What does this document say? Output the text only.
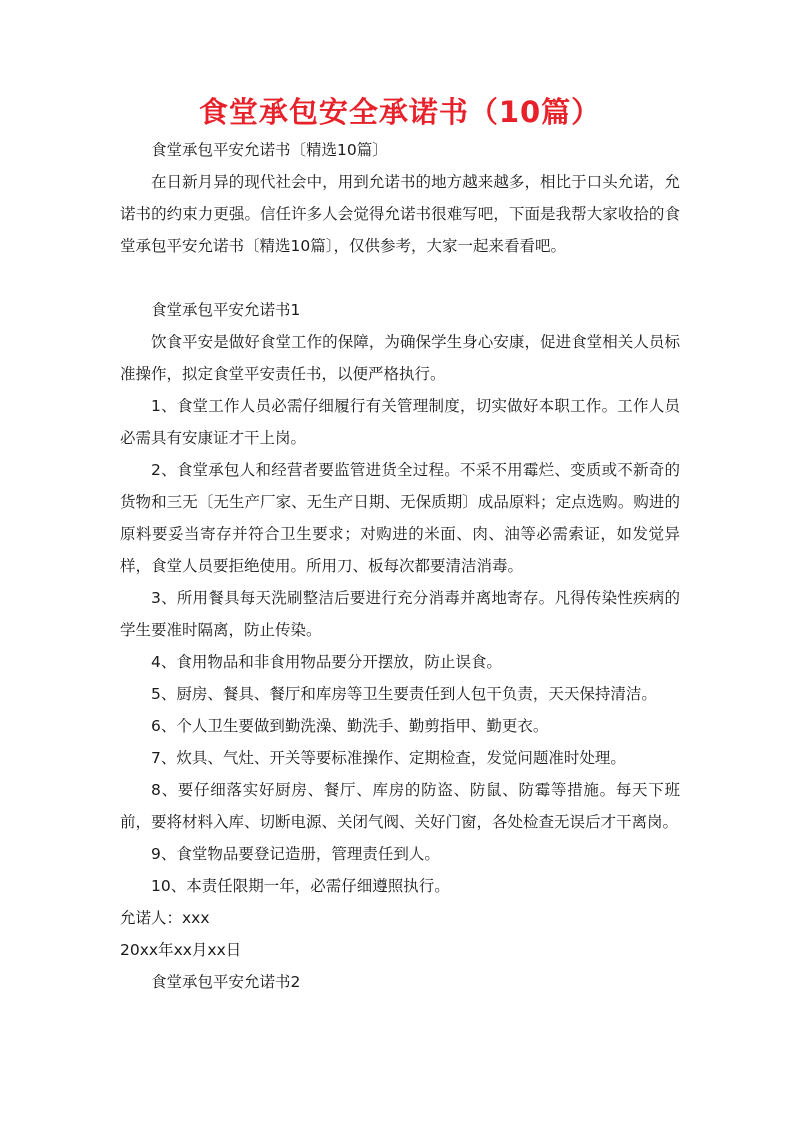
食堂承包安全承诺书（10篇）

食堂承包平安允诺书〔精选10篇〕

在日新月异的现代社会中，用到允诺书的地方越来越多，相比于口头允诺，允诺书的约束力更强。信任许多人会觉得允诺书很难写吧，下面是我帮大家收拾的食堂承包平安允诺书〔精选10篇〕，仅供参考，大家一起来看看吧。

食堂承包平安允诺书1

饮食平安是做好食堂工作的保障，为确保学生身心安康，促进食堂相关人员标准操作，拟定食堂平安责任书，以便严格执行。

1、食堂工作人员必需仔细履行有关管理制度，切实做好本职工作。工作人员必需具有安康证才干上岗。

2、食堂承包人和经营者要监管进货全过程。不采不用霉烂、变质或不新奇的货物和三无〔无生产厂家、无生产日期、无保质期〕成品原料；定点选购。购进的原料要妥当寄存并符合卫生要求；对购进的米面、肉、油等必需索证，如发觉异样，食堂人员要拒绝使用。所用刀、板每次都要清洁消毒。

3、所用餐具每天洗刷整洁后要进行充分消毒并离地寄存。凡得传染性疾病的学生要准时隔离，防止传染。

4、食用物品和非食用物品要分开摆放，防止误食。

5、厨房、餐具、餐厅和库房等卫生要责任到人包干负责，天天保持清洁。

6、个人卫生要做到勤洗澡、勤洗手、勤剪指甲、勤更衣。

7、炊具、气灶、开关等要标准操作、定期检查，发觉问题准时处理。

8、要仔细落实好厨房、餐厅、库房的防盗、防鼠、防霉等措施。每天下班前，要将材料入库、切断电源、关闭气阀、关好门窗，各处检查无误后才干离岗。

9、食堂物品要登记造册，管理责任到人。

10、本责任限期一年，必需仔细遵照执行。

允诺人：xxx

20xx年xx月xx日

食堂承包平安允诺书2
